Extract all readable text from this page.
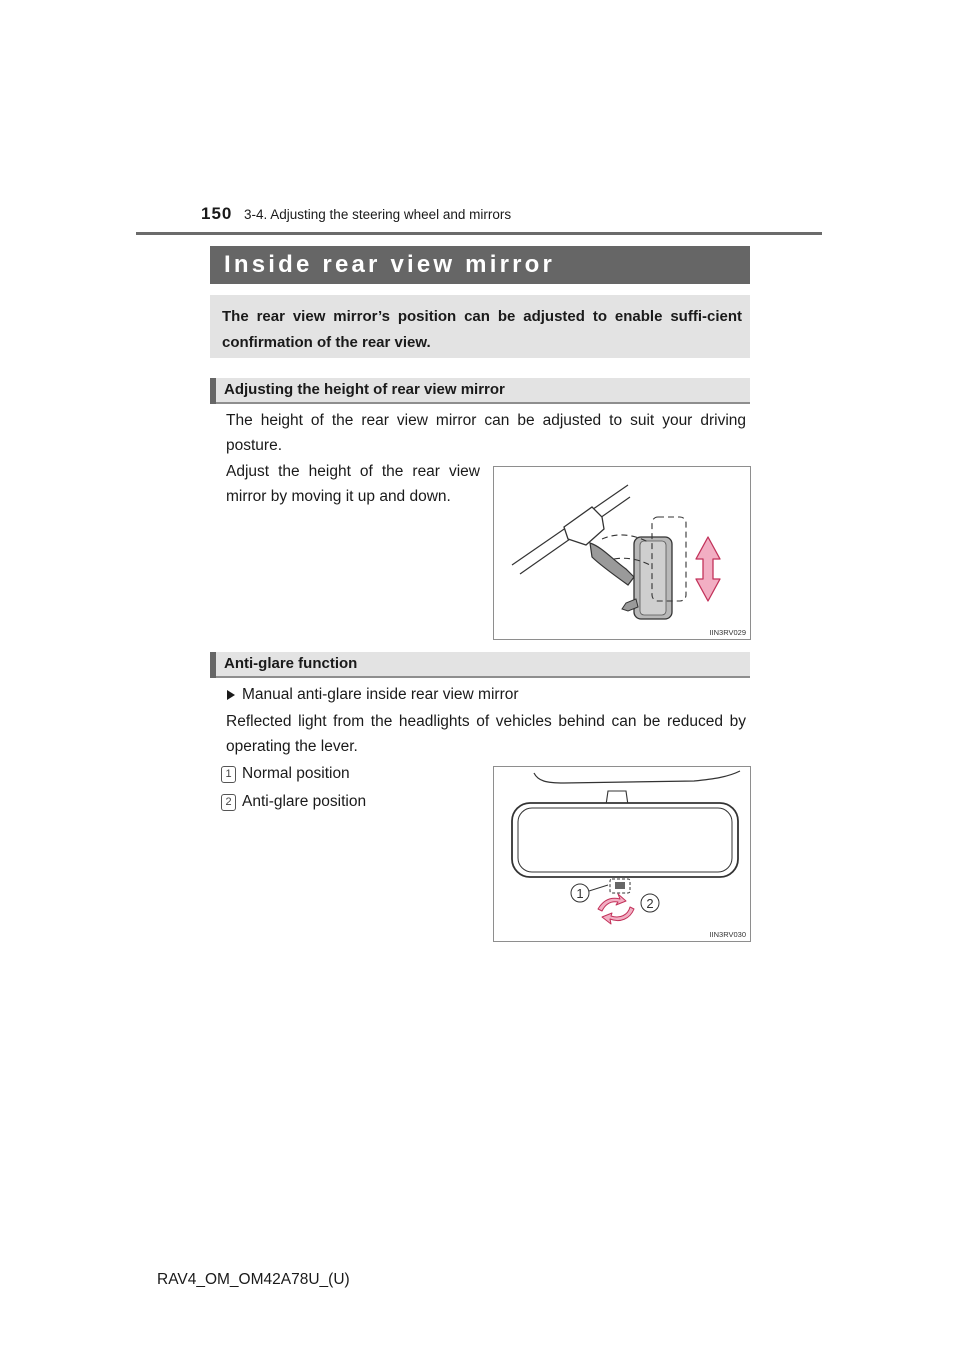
150 3-4. Adjusting the steering wheel and mirrors
Inside rear view mirror
The rear view mirror’s position can be adjusted to enable suffi-cient confirmation of the rear view.
Adjusting the height of rear view mirror
The height of the rear view mirror can be adjusted to suit your driving posture.
Adjust the height of the rear view mirror by moving it up and down.
IIN3RV029
Anti-glare function
Manual anti-glare inside rear view mirror
Reflected light from the headlights of vehicles behind can be reduced by operating the lever.
1 Normal position
2 Anti-glare position
1
2
IIN3RV030
RAV4_OM_OM42A78U_(U)
